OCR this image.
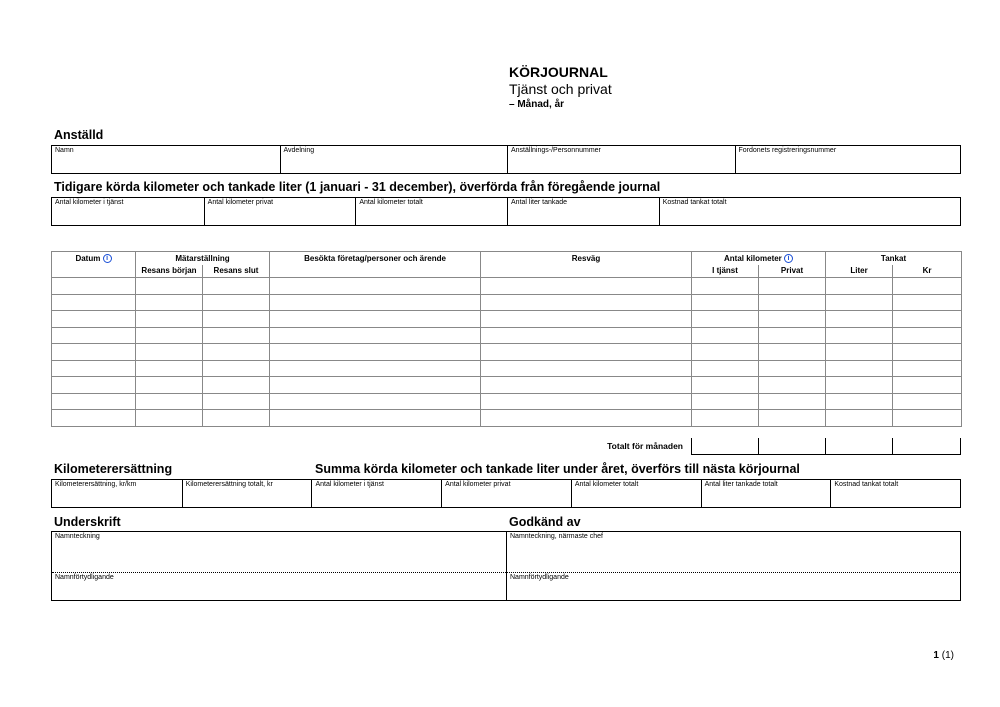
KÖRJOURNAL
Tjänst och privat
– Månad, år
Anställd
Namn	Avdelning	Anställnings-/Personnummer	Fordonets registreringsnummer
Tidigare körda kilometer och tankade liter (1 januari - 31 december), överförda från föregående journal
Antal kilometer i tjänst	Antal kilometer privat	Antal kilometer totalt	Antal liter tankade	Kostnad tankat totalt
Datum i	Mätarställning		Besökta företag/personer och ärende	Resväg	Antal kilometer i		Tankat	
	Resans början	Resans slut			I tjänst	Privat	Liter	Kr

Totalt för månaden
Kilometerersättning	Summa körda kilometer och tankade liter under året, överförs till nästa körjournal
Kilometerersättning, kr/km	Kilometerersättning totalt, kr	Antal kilometer i tjänst	Antal kilometer privat	Antal kilometer totalt	Antal liter tankade totalt	Kostnad tankat totalt
Underskrift	Godkänd av
Namnteckning
Namnförtydligande
Namnteckning, närmaste chef
Namnförtydligande
1 (1)
